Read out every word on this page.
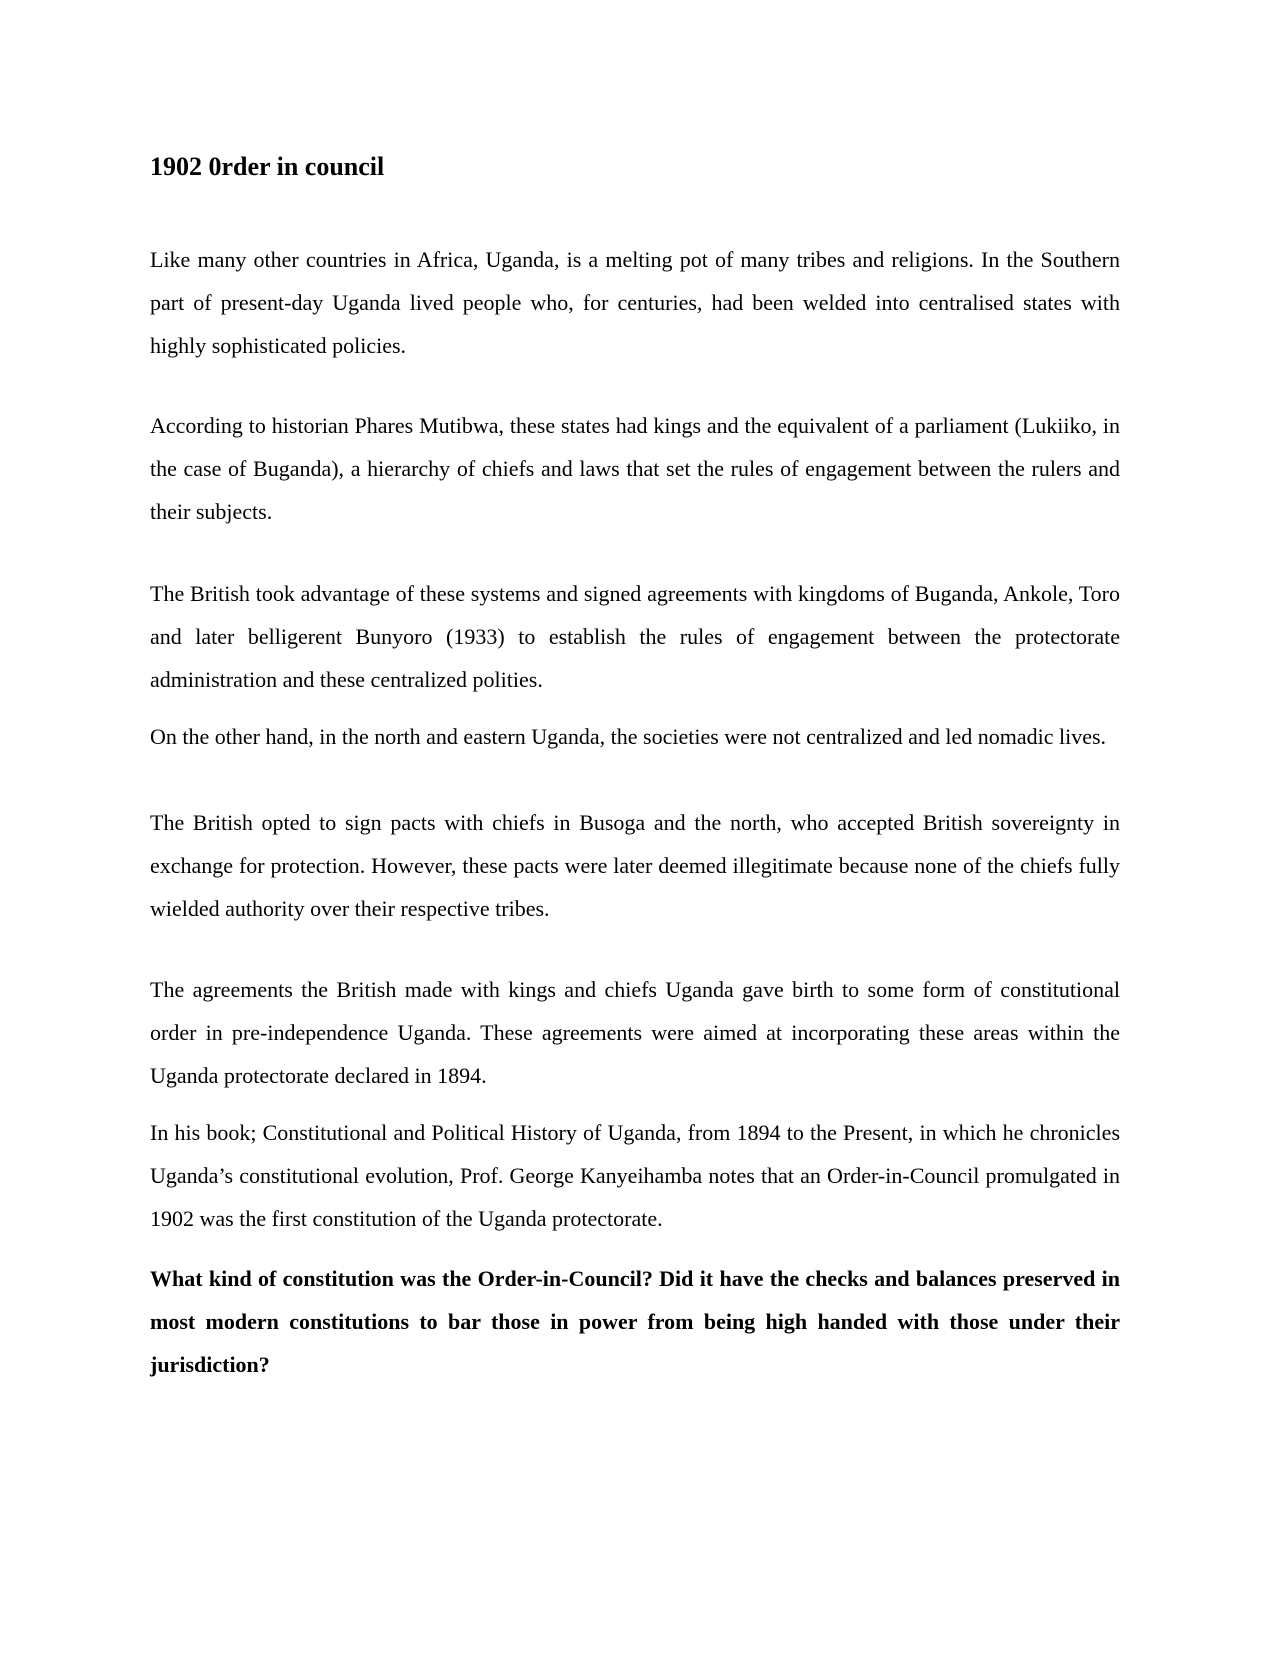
1902 0rder in council

Like many other countries in Africa, Uganda, is a melting pot of many tribes and religions. In the Southern part of present-day Uganda lived people who, for centuries, had been welded into centralised states with highly sophisticated policies.

According to historian Phares Mutibwa, these states had kings and the equivalent of a parliament (Lukiiko, in the case of Buganda), a hierarchy of chiefs and laws that set the rules of engagement between the rulers and their subjects.

The British took advantage of these systems and signed agreements with kingdoms of Buganda, Ankole, Toro and later belligerent Bunyoro (1933) to establish the rules of engagement between the protectorate administration and these centralized polities.

On the other hand, in the north and eastern Uganda, the societies were not centralized and led nomadic lives.

The British opted to sign pacts with chiefs in Busoga and the north, who accepted British sovereignty in exchange for protection. However, these pacts were later deemed illegitimate because none of the chiefs fully wielded authority over their respective tribes.

The agreements the British made with kings and chiefs Uganda gave birth to some form of constitutional order in pre-independence Uganda. These agreements were aimed at incorporating these areas within the Uganda protectorate declared in 1894.

In his book; Constitutional and Political History of Uganda, from 1894 to the Present, in which he chronicles Uganda’s constitutional evolution, Prof. George Kanyeihamba notes that an Order-in-Council promulgated in 1902 was the first constitution of the Uganda protectorate.

What kind of constitution was the Order-in-Council? Did it have the checks and balances preserved in most modern constitutions to bar those in power from being high handed with those under their jurisdiction?
